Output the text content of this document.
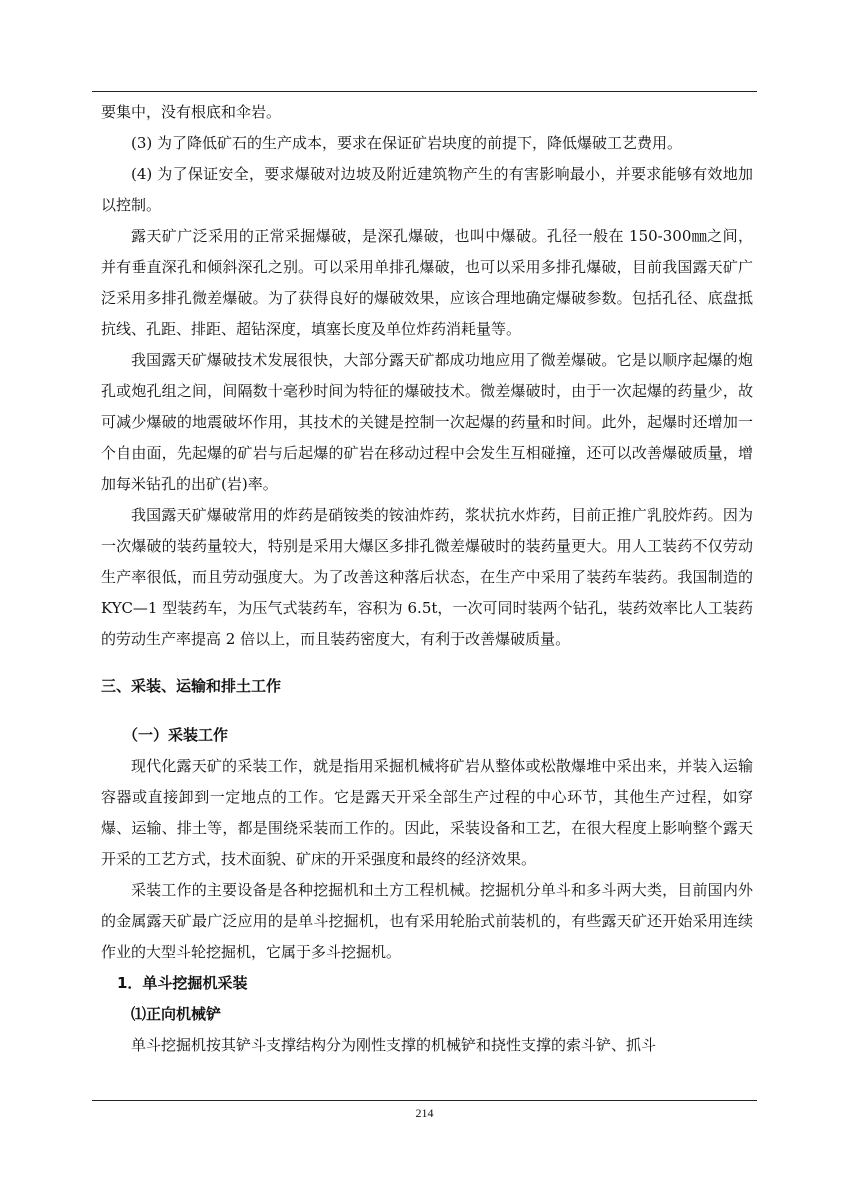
要集中，没有根底和伞岩。

(3) 为了降低矿石的生产成本，要求在保证矿岩块度的前提下，降低爆破工艺费用。

(4) 为了保证安全，要求爆破对边坡及附近建筑物产生的有害影响最小，并要求能够有效地加以控制。

露天矿广泛采用的正常采掘爆破，是深孔爆破，也叫中爆破。孔径一般在 150-300㎜之间，并有垂直深孔和倾斜深孔之别。可以采用单排孔爆破，也可以采用多排孔爆破，目前我国露天矿广泛采用多排孔微差爆破。为了获得良好的爆破效果，应该合理地确定爆破参数。包括孔径、底盘抵抗线、孔距、排距、超钻深度，填塞长度及单位炸药消耗量等。

我国露天矿爆破技术发展很快，大部分露天矿都成功地应用了微差爆破。它是以顺序起爆的炮孔或炮孔组之间，间隔数十毫秒时间为特征的爆破技术。微差爆破时，由于一次起爆的药量少，故可减少爆破的地震破坏作用，其技术的关键是控制一次起爆的药量和时间。此外，起爆时还增加一个自由面，先起爆的矿岩与后起爆的矿岩在移动过程中会发生互相碰撞，还可以改善爆破质量，增加每米钻孔的出矿(岩)率。

我国露天矿爆破常用的炸药是硝铵类的铵油炸药，浆状抗水炸药，目前正推广乳胶炸药。因为一次爆破的装药量较大，特别是采用大爆区多排孔微差爆破时的装药量更大。用人工装药不仅劳动生产率很低，而且劳动强度大。为了改善这种落后状态，在生产中采用了装药车装药。我国制造的 KYC—1 型装药车，为压气式装药车，容积为 6.5t，一次可同时装两个钻孔，装药效率比人工装药的劳动生产率提高 2 倍以上，而且装药密度大，有利于改善爆破质量。

三、采装、运输和排土工作
（一）采装工作

现代化露天矿的采装工作，就是指用采掘机械将矿岩从整体或松散爆堆中采出来，并装入运输容器或直接卸到一定地点的工作。它是露天开采全部生产过程的中心环节，其他生产过程，如穿爆、运输、排土等，都是围绕采装而工作的。因此，采装设备和工艺，在很大程度上影响整个露天开采的工艺方式，技术面貌、矿床的开采强度和最终的经济效果。

采装工作的主要设备是各种挖掘机和土方工程机械。挖掘机分单斗和多斗两大类，目前国内外的金属露天矿最广泛应用的是单斗挖掘机，也有采用轮胎式前装机的，有些露天矿还开始采用连续作业的大型斗轮挖掘机，它属于多斗挖掘机。

1．单斗挖掘机采装
⑴正向机械铲

单斗挖掘机按其铲斗支撑结构分为刚性支撑的机械铲和挠性支撑的索斗铲、抓斗

214
